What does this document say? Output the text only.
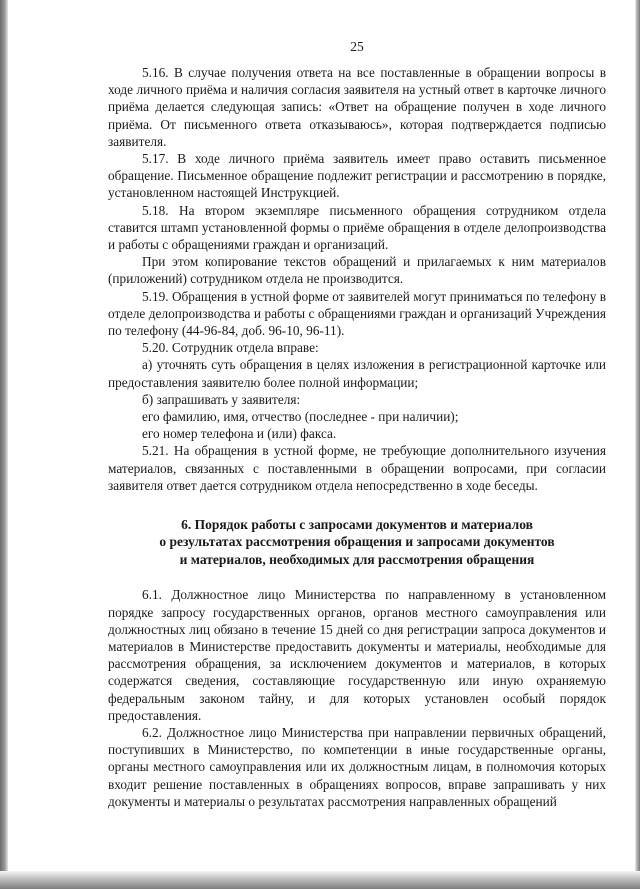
25

5.16. В случае получения ответа на все поставленные в обращении вопросы в ходе личного приёма и наличия согласия заявителя на устный ответ в карточке личного приёма делается следующая запись: «Ответ на обращение получен в ходе личного приёма. От письменного ответа отказываюсь», которая подтверждается подписью заявителя.

5.17. В ходе личного приёма заявитель имеет право оставить письменное обращение. Письменное обращение подлежит регистрации и рассмотрению в порядке, установленном настоящей Инструкцией.

5.18. На втором экземпляре письменного обращения сотрудником отдела ставится штамп установленной формы о приёме обращения в отделе делопроизводства и работы с обращениями граждан и организаций.

При этом копирование текстов обращений и прилагаемых к ним материалов (приложений) сотрудником отдела не производится.

5.19. Обращения в устной форме от заявителей могут приниматься по телефону в отделе делопроизводства и работы с обращениями граждан и организаций Учреждения по телефону (44-96-84, доб. 96-10, 96-11).

5.20. Сотрудник отдела вправе:

а) уточнять суть обращения в целях изложения в регистрационной карточке или предоставления заявителю более полной информации;

б) запрашивать у заявителя:

его фамилию, имя, отчество (последнее - при наличии);

его номер телефона и (или) факса.

5.21. На обращения в устной форме, не требующие дополнительного изучения материалов, связанных с поставленными в обращении вопросами, при согласии заявителя ответ дается сотрудником отдела непосредственно в ходе беседы.

6. Порядок работы с запросами документов и материалов
о результатах рассмотрения обращения и запросами документов
и материалов, необходимых для рассмотрения обращения

6.1. Должностное лицо Министерства по направленному в установленном порядке запросу государственных органов, органов местного самоуправления или должностных лиц обязано в течение 15 дней со дня регистрации запроса документов и материалов в Министерстве предоставить документы и материалы, необходимые для рассмотрения обращения, за исключением документов и материалов, в которых содержатся сведения, составляющие государственную или иную охраняемую федеральным законом тайну, и для которых установлен особый порядок предоставления.

6.2. Должностное лицо Министерства при направлении первичных обращений, поступивших в Министерство, по компетенции в иные государственные органы, органы местного самоуправления или их должностным лицам, в полномочия которых входит решение поставленных в обращениях вопросов, вправе запрашивать у них документы и материалы о результатах рассмотрения направленных обращений
